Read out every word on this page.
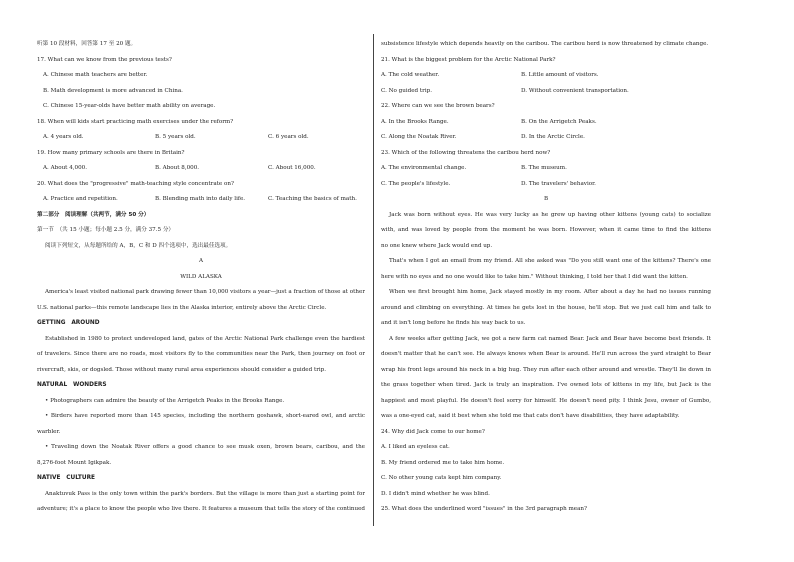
听第 10 段材料，回答第 17 至 20 题。
17. What can we know from the previous tests?
A. Chinese math teachers are better.
B. Math development is more advanced in China.
C. Chinese 15-year-olds have better math ability on average.
18. When will kids start practicing math exercises under the reform?
A. 4 years old.	B. 5 years old.	C. 6 years old.
19. How many primary schools are there in Britain?
A. About 4,000.	B. About 8,000.	C. About 16,000.
20. What does the "progressive" math-teaching style concentrate on?
A. Practice and repetition.	B. Blending math into daily life.	C. Teaching the basics of math.
第二部分　阅读理解（共两节，满分 50 分）
第一节　（共 15 小题；每小题 2.5 分，满分 37.5 分）
阅读下列短文，从每题所给的 A，B，C 和 D 四个选项中，选出最佳选项。
A
WILD ALASKA
America's least visited national park drawing fewer than 10,000 visitors a year—just a fraction of those at other
U.S. national parks—this remote landscape lies in the Alaska interior, entirely above the Arctic Circle.
GETTING　AROUND
Established in 1980 to protect undeveloped land, gates of the Arctic National Park challenge even the hardiest
of travelers. Since there are no roads, most visitors fly to the communities near the Park, then journey on foot or
rivercraft, skis, or dogsled. Those without many rural area experiences should consider a guided trip.
NATURAL　WONDERS
• Photographers can admire the beauty of the Arrigetch Peaks in the Brooks Range.
• Birders have reported more than 145 species, including the northern goshawk, short-eared owl, and arctic
warbler.
• Traveling down the Noatak River offers a good chance to see musk oxen, brown bears, caribou, and the
8,276-foot Mount Igikpak.
NATIVE　CULTURE
Anaktuvuk Pass is the only town within the park's borders. But the village is more than just a starting point for
adventure; it's a place to know the people who live there. It features a museum that tells the story of the continued
subsistence lifestyle which depends heavily on the caribou. The caribou herd is now threatened by climate change.
21. What is the biggest problem for the Arctic National Park?
A. The cold weather.	B. Little amount of visitors.
C. No guided trip.	D. Without convenient transportation.
22. Where can we see the brown bears?
A. In the Brooks Range.	B. On the Arrigetch Peaks.
C. Along the Noatak River.	D. In the Arctic Circle.
23. Which of the following threatens the caribou herd now?
A. The environmental change.	B. The museum.
C. The people's lifestyle.	D. The travelers' behavior.
B
Jack was born without eyes. He was very lucky as he grew up having other kittens (young cats) to socialize
with, and was loved by people from the moment he was born. However, when it came time to find the kittens
no one knew where Jack would end up.
That's when I got an email from my friend. All she asked was "Do you still want one of the kittens? There's one
here with no eyes and no one would like to take him." Without thinking, I told her that I did want the kitten.
When we first brought him home, Jack stayed mostly in my room. After about a day he had no issues running
around and climbing on everything. At times he gets lost in the house, he'll stop. But we just call him and talk to
and it isn't long before he finds his way back to us.
A few weeks after getting Jack, we got a new farm cat named Bear. Jack and Bear have become best friends. It
doesn't matter that he can't see. He always knows when Bear is around. He'll run across the yard straight to Bear
wrap his front legs around his neck in a big hug. They run after each other around and wrestle. They'll lie down in
the grass together when tired. Jack is truly an inspiration. I've owned lots of kittens in my life, but Jack is the
happiest and most playful. He doesn't feel sorry for himself. He doesn't need pity. I think Jesu, owner of Gumbo,
was a one-eyed cat, said it best when she told me that cats don't have disabilities, they have adaptability.
24. Why did Jack come to our home?
A. I liked an eyeless cat.
B. My friend ordered me to take him home.
C. No other young cats kept him company.
D. I didn't mind whether he was blind.
25. What does the underlined word "issues" in the 3rd paragraph mean?
